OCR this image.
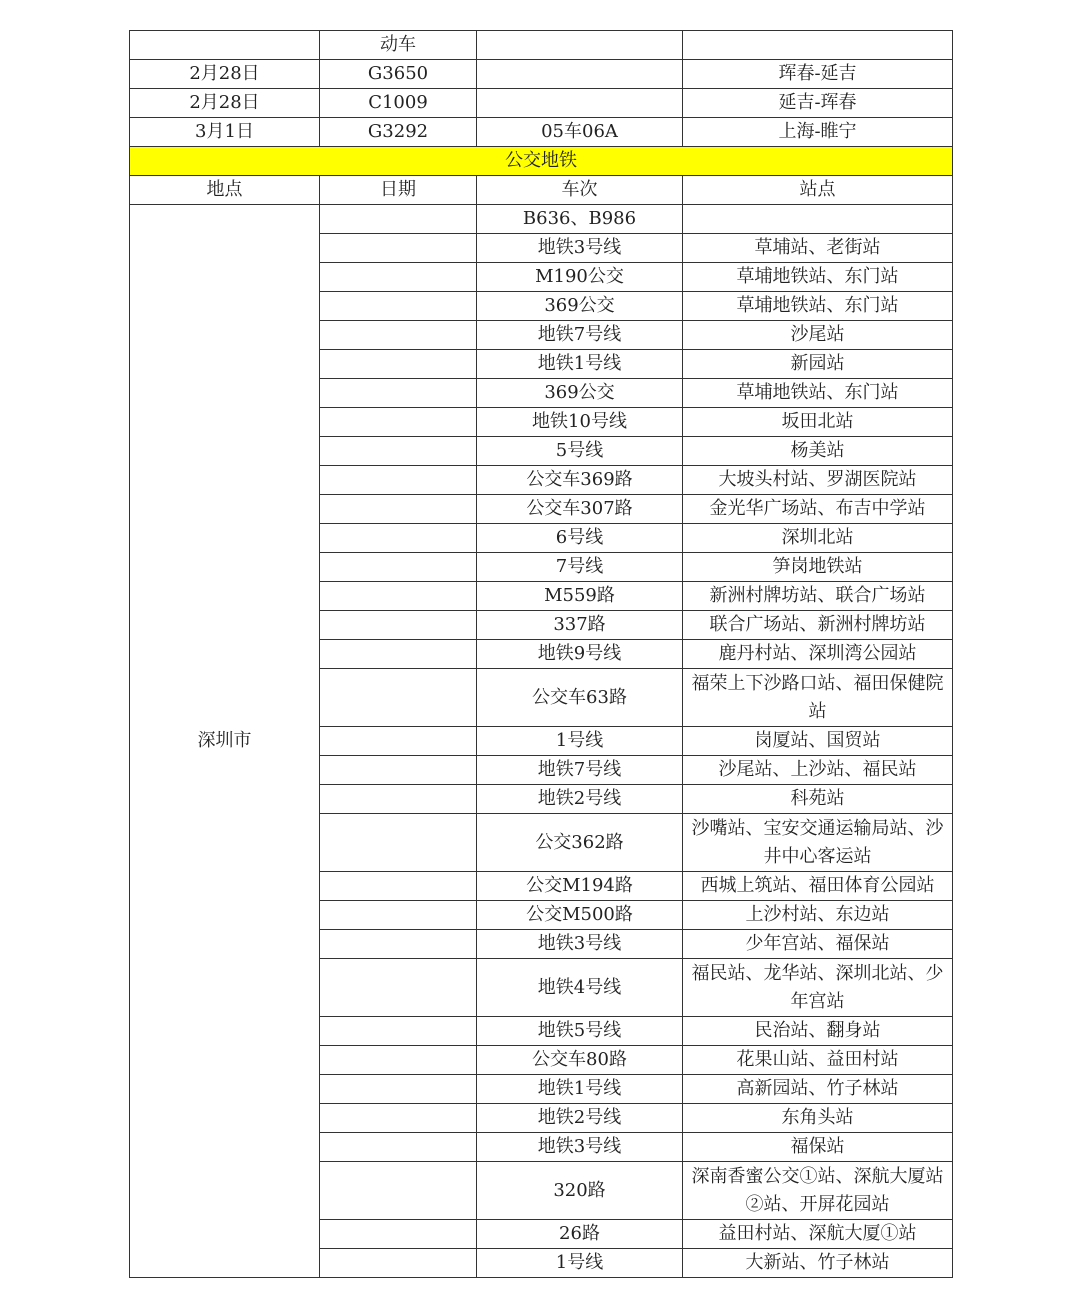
	动车		
2月28日	G3650		珲春-延吉
2月28日	C1009		延吉-珲春
3月1日	G3292	05车06A	上海-睢宁
公交地铁			
地点	日期	车次	站点
深圳市		B636、B986	
		地铁3号线	草埔站、老街站
		M190公交	草埔地铁站、东门站
		369公交	草埔地铁站、东门站
		地铁7号线	沙尾站
		地铁1号线	新园站
		369公交	草埔地铁站、东门站
		地铁10号线	坂田北站
		5号线	杨美站
		公交车369路	大坡头村站、罗湖医院站
		公交车307路	金光华广场站、布吉中学站
		6号线	深圳北站
		7号线	笋岗地铁站
		M559路	新洲村牌坊站、联合广场站
		337路	联合广场站、新洲村牌坊站
		地铁9号线	鹿丹村站、深圳湾公园站
		公交车63路	福荣上下沙路口站、福田保健院站
		1号线	岗厦站、国贸站
		地铁7号线	沙尾站、上沙站、福民站
		地铁2号线	科苑站
		公交362路	沙嘴站、宝安交通运输局站、沙井中心客运站
		公交M194路	西城上筑站、福田体育公园站
		公交M500路	上沙村站、东边站
		地铁3号线	少年宫站、福保站
		地铁4号线	福民站、龙华站、深圳北站、少年宫站
		地铁5号线	民治站、翻身站
		公交车80路	花果山站、益田村站
		地铁1号线	高新园站、竹子林站
		地铁2号线	东角头站
		地铁3号线	福保站
		320路	深南香蜜公交①站、深航大厦站②站、开屏花园站
		26路	益田村站、深航大厦①站
		1号线	大新站、竹子林站
